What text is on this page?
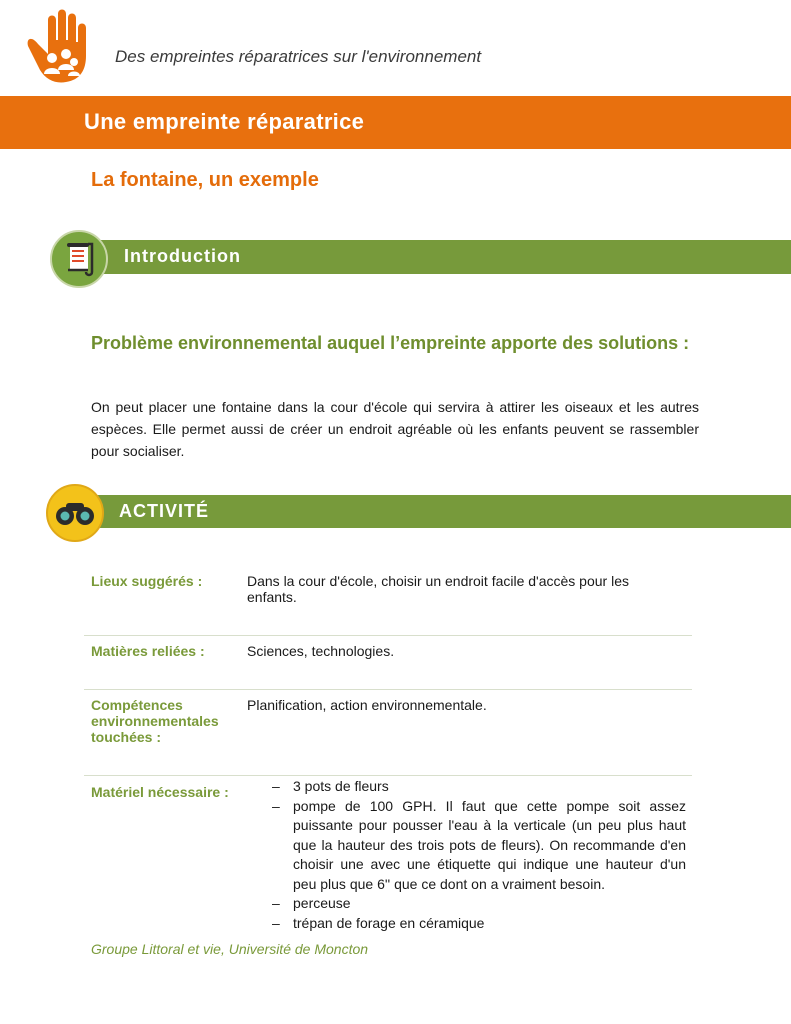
Des empreintes réparatrices sur l'environnement
Une empreinte réparatrice
La fontaine, un exemple
Introduction
Problème environnemental auquel l’empreinte apporte des solutions :
On peut placer une fontaine dans la cour d'école qui servira à attirer les oiseaux et les autres espèces. Elle permet aussi de créer un endroit agréable où les enfants peuvent se rassembler pour socialiser.
ACTIVITÉ
Lieux suggérés :	Dans la cour d'école, choisir un endroit facile d'accès pour les enfants.
Matières reliées :	Sciences, technologies.
Compétences environnementales touchées :
Planification, action environnementale.
Matériel nécessaire :
–	3 pots de fleurs
– pompe de 100 GPH. Il faut que cette pompe soit assez puissante pour pousser l'eau à la verticale (un peu plus haut que la hauteur des trois pots de fleurs). On recommande d'en choisir une avec une étiquette qui indique une hauteur d'un peu plus que 6'' que ce dont on a vraiment besoin.
– perceuse
– trépan de forage en céramique
Groupe Littoral et vie, Université de Moncton
